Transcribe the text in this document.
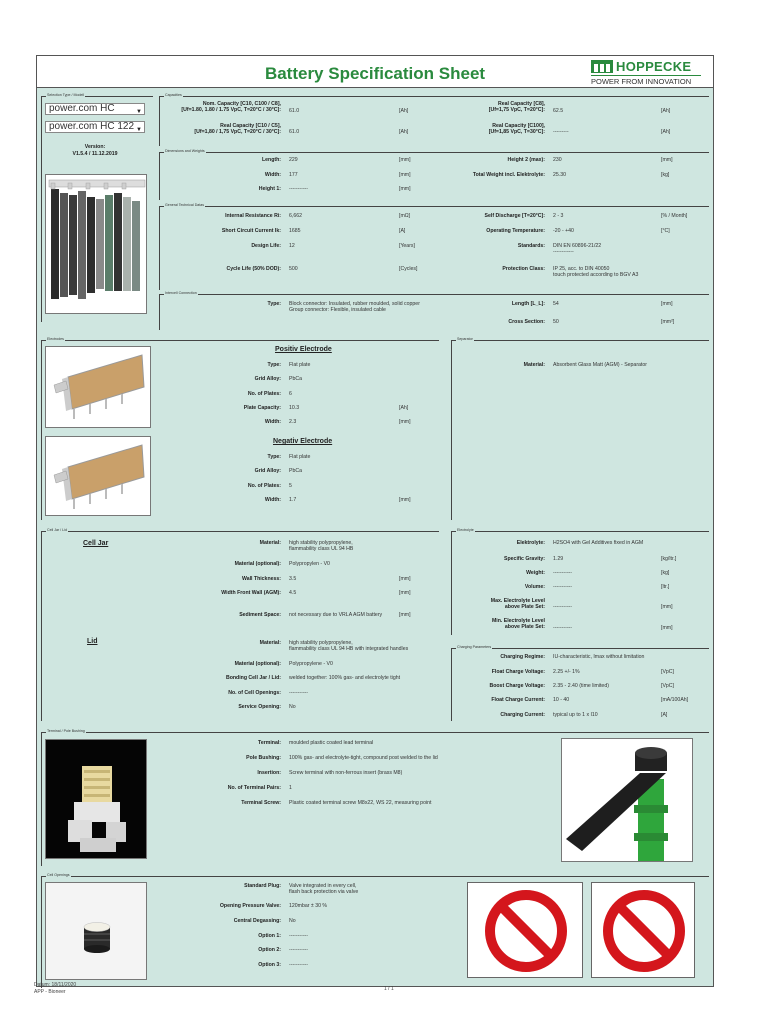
Battery Specification Sheet	HOPPECKE
POWER FROM INNOVATION
Selection Type / Modell
power.com HC	▼
power.com HC 122 ▼
Version:
V1.5.4 / 11.12.2019
Capacities
Nom. Capacity [C10, C100 / C8],
[Uf=1.80, 1.80 / 1.75 VpC, T=20°C / 30°C]: 61.0	[Ah]
Real Capacity [C10 / C5],
[Uf=1,80 / 1,75 VpC, T=20°C / 30°C]: 61.0	[Ah]
Real Capacity [C8],
[Uf=1,75 VpC, T=20°C]: 62.5	[Ah]
Real Capacity [C100],
[Uf=1,85 VpC, T=30°C]: ---------	[Ah]
Dimensions and Weights
Length: 229	[mm]
Width: 177	[mm]
Height 1: -----------	[mm]
Height 2 (max): 230	[mm]
Total Weight incl. Elektrolyte: 25.30	[kg]
General Technical Datas
Internal Resistance Ri: 6,662	[mΩ]
Short Circuit Current Ik: 1685	[A]
Design Life: 12	[Years]
Cycle Life (50% DOD): 500	[Cycles]
Self Discharge [T=20°C]: 2 - 3	[% / Month]
Operating Temperature: -20 - +40	[°C]
Standards: DIN EN 60896-21/22
------------
Protection Class: IP 25, acc. to DIN 40050
touch protected according to BGV A3
Intercell Connection
Type: Block connector: Insulated, rubber moulded, solid copper
Group connector: Flexible, insulated cable
Length [L_L]: 54	[mm]
Cross Section: 50	[mm²]
Electrodes
Positiv Electrode
Type: Flat plate
Grid Alloy: PbCa
No. of Plates: 6
Plate Capacity: 10.3	[Ah]
Width: 2.3	[mm]
Negativ Electrode
Type: Flat plate
Grid Alloy: PbCa
No. of Plates: 5
Width: 1.7	[mm]
Separator
Material: Absorbent Glass Matt (AGM) - Separator
Cell Jar / Lid
Cell Jar	Material: high stability polypropylene,
flammability class UL 94 HB
Material (optional): Polypropylen - V0
Wall Thickness: 3.5	[mm]
Width Front Wall (AGM): 4.5	[mm]
Sediment Space: not necessary due to VRLA AGM battery	[mm]
Lid	Material: high stability polypropylene,
flammability class UL 94 HB with integrated handles
Material (optional): Polypropylene - V0
Bonding Cell Jar / Lid: welded together: 100% gas- and electrolyte tight
No. of Cell Openings: -----------
Service Opening: No
Electrolyte
Elektrolyte: H2SO4 with Gel Additives fixed in AGM
Specific Gravity: 1.29	[kg/ltr.]
Weight: -----------	[kg]
Volume: -----------	[ltr.]
Max. Electrolyte Level
above Plate Set: -----------	[mm]
Min. Electrolyte Level
above Plate Set: -----------	[mm]
Charging Parameters
Charging Regime: IU-characteristic, Imax without limitation
Float Charge Voltage: 2.25 +/- 1%	[VpC]
Boost Charge Voltage: 2.35 - 2.40 (time limited)	[VpC]
Float Charge Current: 10 - 40	[mA/100Ah]
Charging Current: typical up to 1 x I10	[A]
Terminal / Pole Bushing
Terminal: moulded plastic coated lead terminal
Pole Bushing: 100% gas- and electrolyte-tight, compound post welded to the lid
Insertion: Screw terminal with non-ferrous insert (brass M8)
No. of Terminal Pairs: 1
Terminal Screw: Plastic coated terminal screw M8x22, WS 22, measuring point
Cell Openings
Standard Plug: Valve integrated in every cell,
flash back protection via valve
Opening Pressure Valve: 120mbar ± 30 %
Central Degassing: No
Option 1: -----------
Option 2: -----------
Option 3: -----------
Datum: 18/11/2020
APP - Bioneer	1 / 1
